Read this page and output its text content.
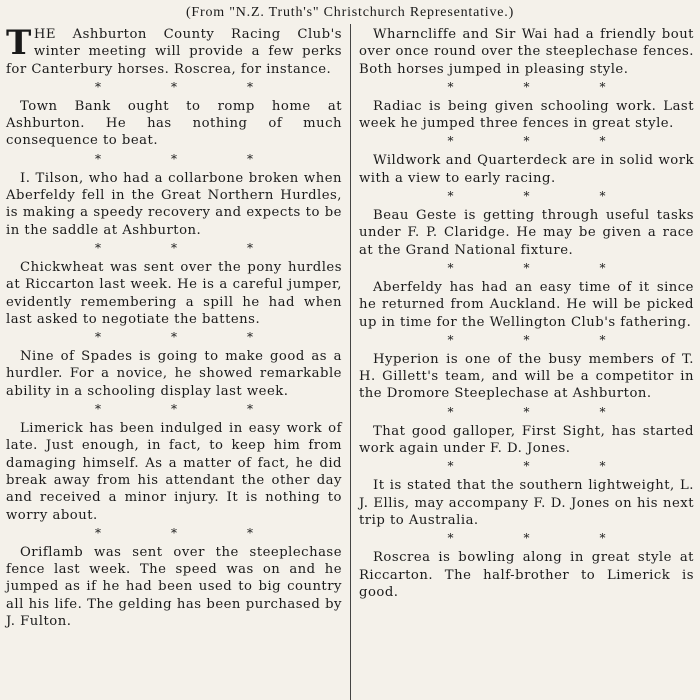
(From "N.Z. Truth's" Christchurch Representative.)

THE Ashburton County Racing Club's winter meeting will provide a few perks for Canterbury horses. Roscrea, for instance.

*	*	*

Town Bank ought to romp home at Ashburton. He has nothing of much consequence to beat.

*	*	*

I. Tilson, who had a collarbone broken when Aberfeldy fell in the Great Northern Hurdles, is making a speedy recovery and expects to be in the saddle at Ashburton.

*	*	*

Chickwheat was sent over the pony hurdles at Riccarton last week. He is a careful jumper, evidently remembering a spill he had when last asked to negotiate the battens.

*	*	*

Nine of Spades is going to make good as a hurdler. For a novice, he showed remarkable ability in a schooling display last week.

*	*	*

Limerick has been indulged in easy work of late. Just enough, in fact, to keep him from damaging himself. As a matter of fact, he did break away from his attendant the other day and received a minor injury. It is nothing to worry about.

*	*	*

Oriflamb was sent over the steeplechase fence last week. The speed was on and he jumped as if he had been used to big country all his life. The gelding has been purchased by J. Fulton.

Wharncliffe and Sir Wai had a friendly bout over once round over the steeplechase fences. Both horses jumped in pleasing style.

*	*	*

Radiac is being given schooling work. Last week he jumped three fences in great style.

*	*	*

Wildwork and Quarterdeck are in solid work with a view to early racing.

*	*	*

Beau Geste is getting through useful tasks under F. P. Claridge. He may be given a race at the Grand National fixture.

*	*	*

Aberfeldy has had an easy time of it since he returned from Auckland. He will be picked up in time for the Wellington Club's fathering.

*	*	*

Hyperion is one of the busy members of T. H. Gillett's team, and will be a competitor in the Dromore Steeplechase at Ashburton.

*	*	*

That good galloper, First Sight, has started work again under F. D. Jones.

*	*	*

It is stated that the southern lightweight, L. J. Ellis, may accompany F. D. Jones on his next trip to Australia.

*	*	*

Roscrea is bowling along in great style at Riccarton. The half-brother to Limerick is good.
